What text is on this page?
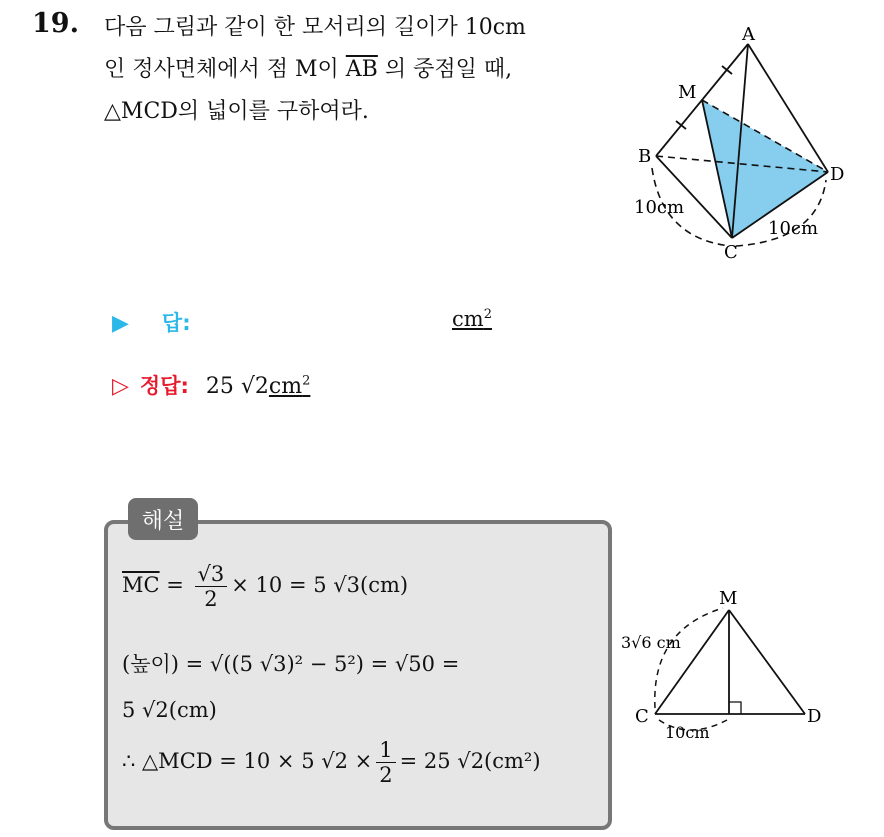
19. 다음 그림과 같이 한 모서리의 길이가 10cm
인 정사면체에서 점 M이 $\overline{AB}$ 의 중점일 때,
△MCD의 넓이를 구하여라.
A
M
B
D
C
10cm
10cm
▶ 답:	$cm^2$
▷ 정답: 25 $√2cm^2$
해설
$\overline{MC} = \frac{√3}{2} \times 10 = 5$ √3(cm)
(높이) = √((5 √3)² − 5²) = √50 =
5 √2(cm)
∴ △MCD = 10 × 5 $√2 \times \frac{1}{2} = 25$ √2(cm²)
M
C	D
3√6 cm
10cm
